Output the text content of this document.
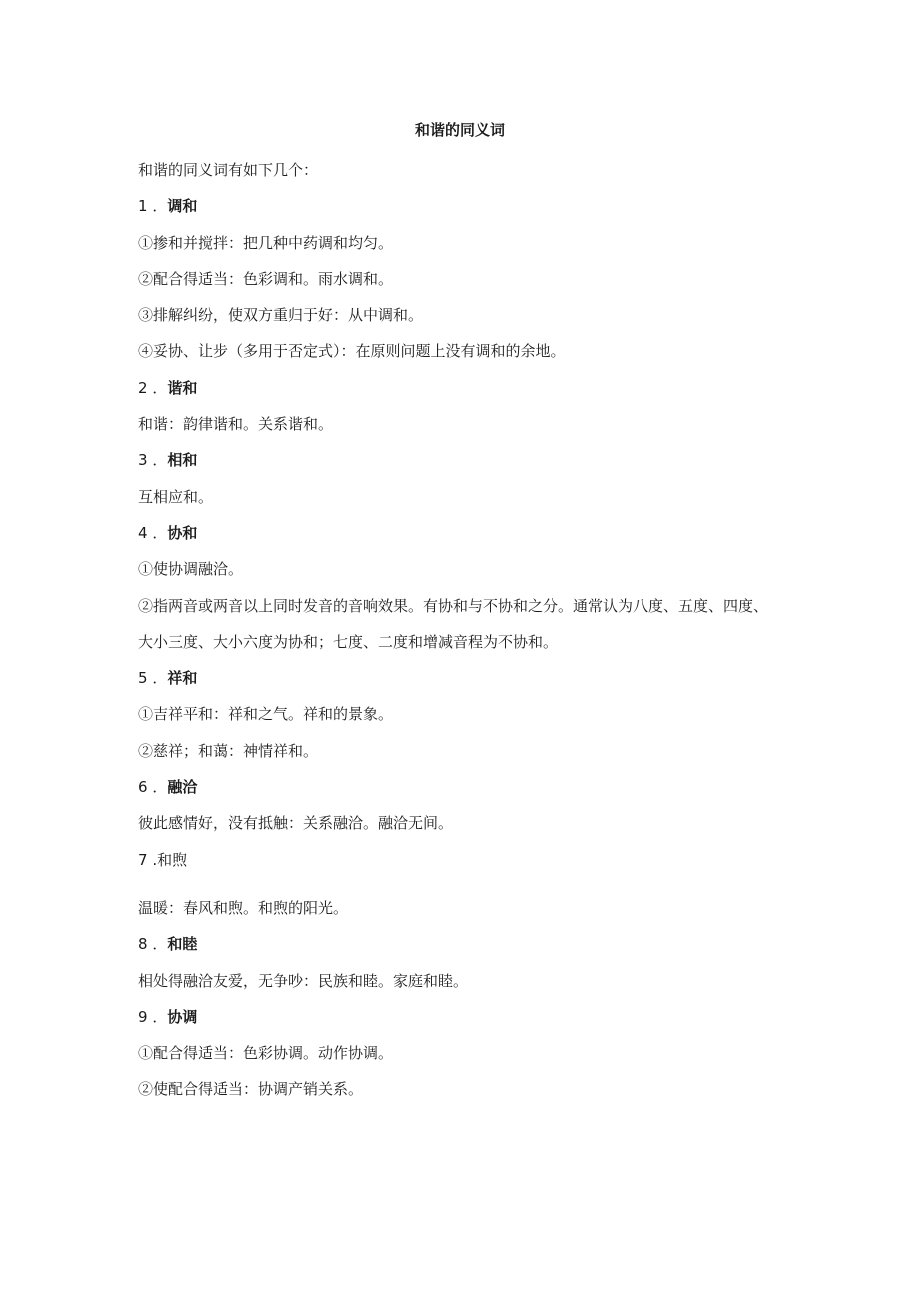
和谐的同义词
和谐的同义词有如下几个：
1 ．调和
①掺和并搅拌：把几种中药调和均匀。
②配合得适当：色彩调和。雨水调和。
③排解纠纷，使双方重归于好：从中调和。
④妥协、让步（多用于否定式）：在原则问题上没有调和的余地。
2 ．谐和
和谐：韵律谐和。关系谐和。
3 ．相和
互相应和。
4 ．协和
①使协调融洽。
②指两音或两音以上同时发音的音响效果。有协和与不协和之分。通常认为八度、五度、四度、大小三度、大小六度为协和；七度、二度和增减音程为不协和。
5 ．祥和
①吉祥平和：祥和之气。祥和的景象。
②慈祥；和蔼：神情祥和。
6 ．融洽
彼此感情好，没有抵触：关系融洽。融洽无间。
7 .和煦
温暖：春风和煦。和煦的阳光。
8 ．和睦
相处得融洽友爱，无争吵：民族和睦。家庭和睦。
9 ．协调
①配合得适当：色彩协调。动作协调。
②使配合得适当：协调产销关系。
